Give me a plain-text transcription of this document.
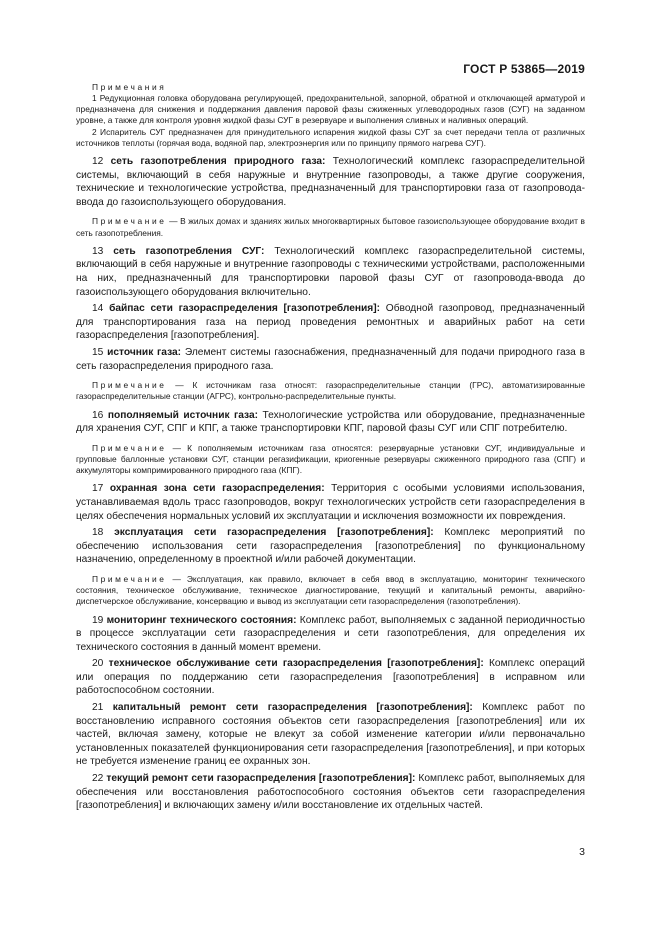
ГОСТ Р 53865—2019

Примечания

1 Редукционная головка оборудована регулирующей, предохранительной, запорной, обратной и отключающей арматурой и предназначена для снижения и поддержания давления паровой фазы сжиженных углеводородных газов (СУГ) на заданном уровне, а также для контроля уровня жидкой фазы СУГ в резервуаре и выполнения сливных и наливных операций.

2 Испаритель СУГ предназначен для принудительного испарения жидкой фазы СУГ за счет передачи тепла от различных источников теплоты (горячая вода, водяной пар, электроэнергия или по принципу прямого нагрева СУГ).

12 сеть газопотребления природного газа: Технологический комплекс газораспределительной системы, включающий в себя наружные и внутренние газопроводы, а также другие сооружения, технические и технологические устройства, предназначенный для транспортировки газа от газопровода-ввода до газоиспользующего оборудования.

Примечание — В жилых домах и зданиях жилых многоквартирных бытовое газоиспользующее оборудование входит в сеть газопотребления.

13 сеть газопотребления СУГ: Технологический комплекс газораспределительной системы, включающий в себя наружные и внутренние газопроводы с техническими устройствами, расположенными на них, предназначенный для транспортировки паровой фазы СУГ от газопровода-ввода до газоиспользующего оборудования включительно.

14 байпас сети газораспределения [газопотребления]: Обводной газопровод, предназначенный для транспортирования газа на период проведения ремонтных и аварийных работ на сети газораспределения [газопотребления].

15 источник газа: Элемент системы газоснабжения, предназначенный для подачи природного газа в сеть газораспределения природного газа.

Примечание — К источникам газа относят: газораспределительные станции (ГРС), автоматизированные газораспределительные станции (АГРС), контрольно-распределительные пункты.

16 пополняемый источник газа: Технологические устройства или оборудование, предназначенные для хранения СУГ, СПГ и КПГ, а также транспортировки КПГ, паровой фазы СУГ или СПГ потребителю.

Примечание — К пополняемым источникам газа относятся: резервуарные установки СУГ, индивидуальные и групповые баллонные установки СУГ, станции регазификации, криогенные резервуары сжиженного природного газа (СПГ) и аккумуляторы компримированного природного газа (КПГ).

17 охранная зона сети газораспределения: Территория с особыми условиями использования, устанавливаемая вдоль трасс газопроводов, вокруг технологических устройств сети газораспределения в целях обеспечения нормальных условий их эксплуатации и исключения возможности их повреждения.

18 эксплуатация сети газораспределения [газопотребления]: Комплекс мероприятий по обеспечению использования сети газораспределения [газопотребления] по функциональному назначению, определенному в проектной и/или рабочей документации.

Примечание — Эксплуатация, как правило, включает в себя ввод в эксплуатацию, мониторинг технического состояния, техническое обслуживание, техническое диагностирование, текущий и капитальный ремонты, аварийно-диспетчерское обслуживание, консервацию и вывод из эксплуатации сети газораспределения (газопотребления).

19 мониторинг технического состояния: Комплекс работ, выполняемых с заданной периодичностью в процессе эксплуатации сети газораспределения и сети газопотребления, для определения их технического состояния в данный момент времени.

20 техническое обслуживание сети газораспределения [газопотребления]: Комплекс операций или операция по поддержанию сети газораспределения [газопотребления] в исправном или работоспособном состоянии.

21 капитальный ремонт сети газораспределения [газопотребления]: Комплекс работ по восстановлению исправного состояния объектов сети газораспределения [газопотребления] или их частей, включая замену, которые не влекут за собой изменение категории и/или первоначально установленных показателей функционирования сети газораспределения [газопотребления], и при которых не требуется изменение границ ее охранных зон.

22 текущий ремонт сети газораспределения [газопотребления]: Комплекс работ, выполняемых для обеспечения или восстановления работоспособного состояния объектов сети газораспределения [газопотребления] и включающих замену и/или восстановление их отдельных частей.

3
